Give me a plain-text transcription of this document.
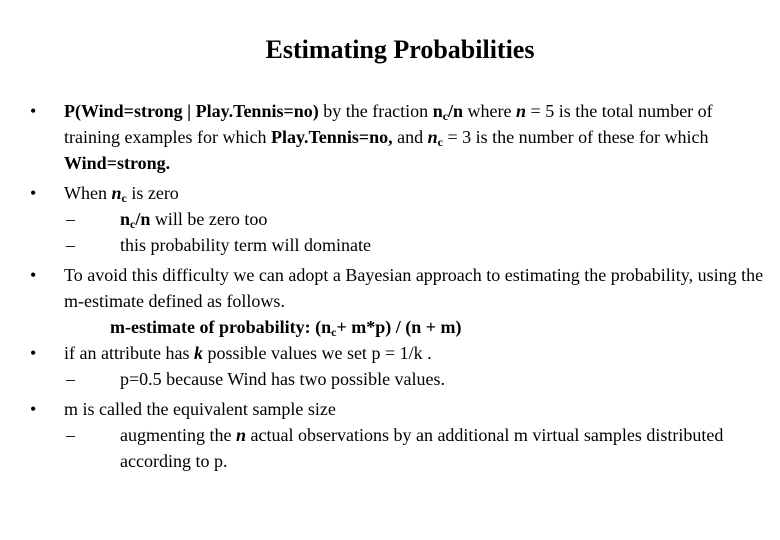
Estimating Probabilities
• P(Wind=strong | Play.Tennis=no) by the fraction $n_c/n$ where n = 5 is the total number of training examples for which Play.Tennis=no, and $n_c = 3$ is the number of these for which Wind=strong.
• When $n_c$ is zero
–	$n_c/n$ will be zero too
–	this probability term will dominate
• To avoid this difficulty we can adopt a Bayesian approach to estimating the probability, using the m-estimate defined as follows.
m-estimate of probability: $(n_c+ m*p) / (n + m)$
• if an attribute has k possible values we set p = 1/k .
–	p=0.5 because Wind has two possible values.
• m is called the equivalent sample size
–	augmenting the n actual observations by an additional m virtual samples distributed according to p.
